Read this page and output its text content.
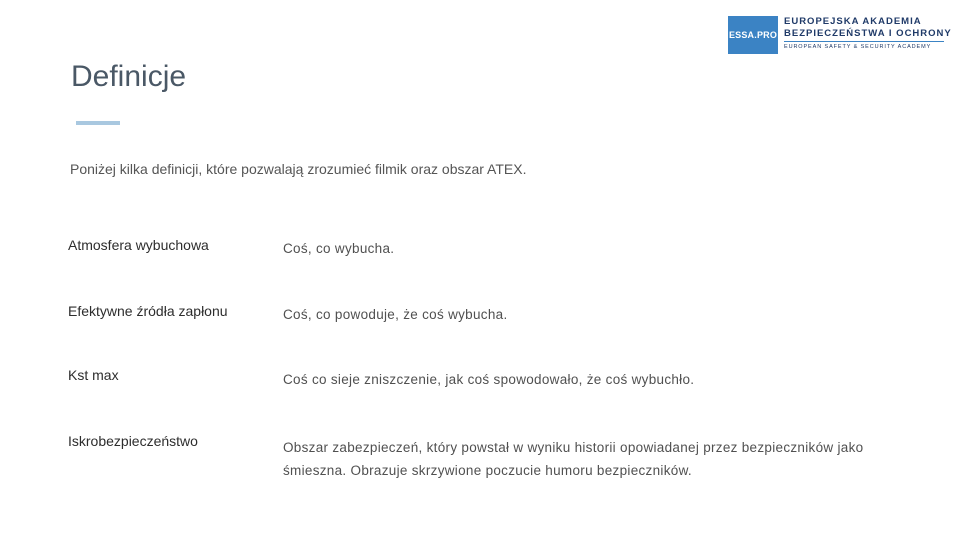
ESSA.PRO
EUROPEJSKA AKADEMIA
BEZPIECZEŃSTWA I OCHRONY
EUROPEAN SAFETY & SECURITY ACADEMY
Definicje
Poniżej kilka definicji, które pozwalają zrozumieć filmik oraz obszar ATEX.
Atmosfera wybuchowa	Coś, co wybucha.
Efektywne źródła zapłonu	Coś, co powoduje, że coś wybucha.
Kst max	Coś co sieje zniszczenie, jak coś spowodowało, że coś wybuchło.
Iskrobezpieczeństwo	Obszar zabezpieczeń, który powstał w wyniku historii opowiadanej przez bezpieczników jako śmieszna. Obrazuje skrzywione poczucie humoru bezpieczników.
